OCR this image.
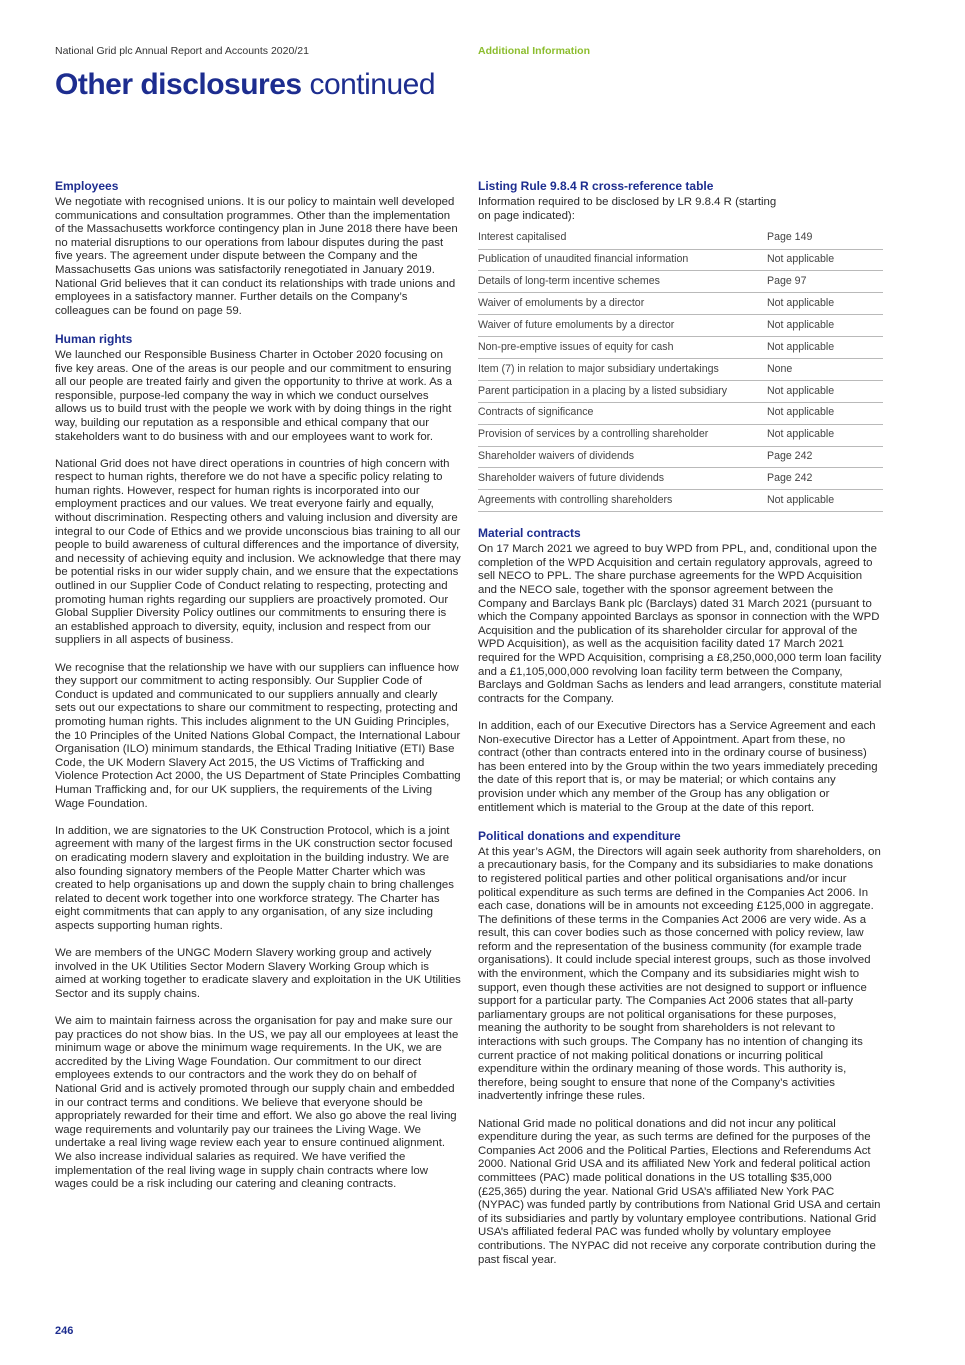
National Grid plc Annual Report and Accounts 2020/21	Additional Information
Other disclosures continued
Employees

We negotiate with recognised unions. It is our policy to maintain well developed communications and consultation programmes. Other than the implementation of the Massachusetts workforce contingency plan in June 2018 there have been no material disruptions to our operations from labour disputes during the past five years. The agreement under dispute between the Company and the Massachusetts Gas unions was satisfactorily renegotiated in January 2019. National Grid believes that it can conduct its relationships with trade unions and employees in a satisfactory manner. Further details on the Company’s colleagues can be found on page 59.

Human rights

We launched our Responsible Business Charter in October 2020 focusing on five key areas. One of the areas is our people and our commitment to ensuring all our people are treated fairly and given the opportunity to thrive at work. As a responsible, purpose-led company the way in which we conduct ourselves allows us to build trust with the people we work with by doing things in the right way, building our reputation as a responsible and ethical company that our stakeholders want to do business with and our employees want to work for.

National Grid does not have direct operations in countries of high concern with respect to human rights, therefore we do not have a specific policy relating to human rights. However, respect for human rights is incorporated into our employment practices and our values. We treat everyone fairly and equally, without discrimination. Respecting others and valuing inclusion and diversity are integral to our Code of Ethics and we provide unconscious bias training to all our people to build awareness of cultural differences and the importance of diversity, and necessity of achieving equity and inclusion. We acknowledge that there may be potential risks in our wider supply chain, and we ensure that the expectations outlined in our Supplier Code of Conduct relating to respecting, protecting and promoting human rights regarding our suppliers are proactively promoted. Our Global Supplier Diversity Policy outlines our commitments to ensuring there is an established approach to diversity, equity, inclusion and respect from our suppliers in all aspects of business.

We recognise that the relationship we have with our suppliers can influence how they support our commitment to acting responsibly. Our Supplier Code of Conduct is updated and communicated to our suppliers annually and clearly sets out our expectations to share our commitment to respecting, protecting and promoting human rights. This includes alignment to the UN Guiding Principles, the 10 Principles of the United Nations Global Compact, the International Labour Organisation (ILO) minimum standards, the Ethical Trading Initiative (ETI) Base Code, the UK Modern Slavery Act 2015, the US Victims of Trafficking and Violence Protection Act 2000, the US Department of State Principles Combatting Human Trafficking and, for our UK suppliers, the requirements of the Living Wage Foundation.

In addition, we are signatories to the UK Construction Protocol, which is a joint agreement with many of the largest firms in the UK construction sector focused on eradicating modern slavery and exploitation in the building industry. We are also founding signatory members of the People Matter Charter which was created to help organisations up and down the supply chain to bring challenges related to decent work together into one workforce strategy. The Charter has eight commitments that can apply to any organisation, of any size including aspects supporting human rights.

We are members of the UNGC Modern Slavery working group and actively involved in the UK Utilities Sector Modern Slavery Working Group which is aimed at working together to eradicate slavery and exploitation in the UK Utilities Sector and its supply chains.

We aim to maintain fairness across the organisation for pay and make sure our pay practices do not show bias. In the US, we pay all our employees at least the minimum wage or above the minimum wage requirements. In the UK, we are accredited by the Living Wage Foundation. Our commitment to our direct employees extends to our contractors and the work they do on behalf of National Grid and is actively promoted through our supply chain and embedded in our contract terms and conditions. We believe that everyone should be appropriately rewarded for their time and effort. We also go above the real living wage requirements and voluntarily pay our trainees the Living Wage. We undertake a real living wage review each year to ensure continued alignment. We also increase individual salaries as required. We have verified the implementation of the real living wage in supply chain contracts where low wages could be a risk including our catering and cleaning contracts.

Listing Rule 9.8.4 R cross-reference table
Information required to be disclosed by LR 9.8.4 R (starting on page indicated):
Interest capitalised	Page 149
Publication of unaudited financial information	Not applicable
Details of long-term incentive schemes	Page 97
Waiver of emoluments by a director	Not applicable
Waiver of future emoluments by a director	Not applicable
Non-pre-emptive issues of equity for cash	Not applicable
Item (7) in relation to major subsidiary undertakings	None
Parent participation in a placing by a listed subsidiary	Not applicable
Contracts of significance	Not applicable
Provision of services by a controlling shareholder	Not applicable
Shareholder waivers of dividends	Page 242
Shareholder waivers of future dividends	Page 242
Agreements with controlling shareholders	Not applicable
Material contracts

On 17 March 2021 we agreed to buy WPD from PPL, and, conditional upon the completion of the WPD Acquisition and certain regulatory approvals, agreed to sell NECO to PPL. The share purchase agreements for the WPD Acquisition and the NECO sale, together with the sponsor agreement between the Company and Barclays Bank plc (Barclays) dated 31 March 2021 (pursuant to which the Company appointed Barclays as sponsor in connection with the WPD Acquisition and the publication of its shareholder circular for approval of the WPD Acquisition), as well as the acquisition facility dated 17 March 2021 required for the WPD Acquisition, comprising a £8,250,000,000 term loan facility and a £1,105,000,000 revolving loan facility term between the Company, Barclays and Goldman Sachs as lenders and lead arrangers, constitute material contracts for the Company.

In addition, each of our Executive Directors has a Service Agreement and each Non-executive Director has a Letter of Appointment. Apart from these, no contract (other than contracts entered into in the ordinary course of business) has been entered into by the Group within the two years immediately preceding the date of this report that is, or may be material; or which contains any provision under which any member of the Group has any obligation or entitlement which is material to the Group at the date of this report.

Political donations and expenditure

At this year’s AGM, the Directors will again seek authority from shareholders, on a precautionary basis, for the Company and its subsidiaries to make donations to registered political parties and other political organisations and/or incur political expenditure as such terms are defined in the Companies Act 2006. In each case, donations will be in amounts not exceeding £125,000 in aggregate. The definitions of these terms in the Companies Act 2006 are very wide. As a result, this can cover bodies such as those concerned with policy review, law reform and the representation of the business community (for example trade organisations). It could include special interest groups, such as those involved with the environment, which the Company and its subsidiaries might wish to support, even though these activities are not designed to support or influence support for a particular party. The Companies Act 2006 states that all-party parliamentary groups are not political organisations for these purposes, meaning the authority to be sought from shareholders is not relevant to interactions with such groups. The Company has no intention of changing its current practice of not making political donations or incurring political expenditure within the ordinary meaning of those words. This authority is, therefore, being sought to ensure that none of the Company’s activities inadvertently infringe these rules.

National Grid made no political donations and did not incur any political expenditure during the year, as such terms are defined for the purposes of the Companies Act 2006 and the Political Parties, Elections and Referendums Act 2000. National Grid USA and its affiliated New York and federal political action committees (PAC) made political donations in the US totalling $35,000 (£25,365) during the year. National Grid USA’s affiliated New York PAC (NYPAC) was funded partly by contributions from National Grid USA and certain of its subsidiaries and partly by voluntary employee contributions. National Grid USA’s affiliated federal PAC was funded wholly by voluntary employee contributions. The NYPAC did not receive any corporate contribution during the past fiscal year.

246
